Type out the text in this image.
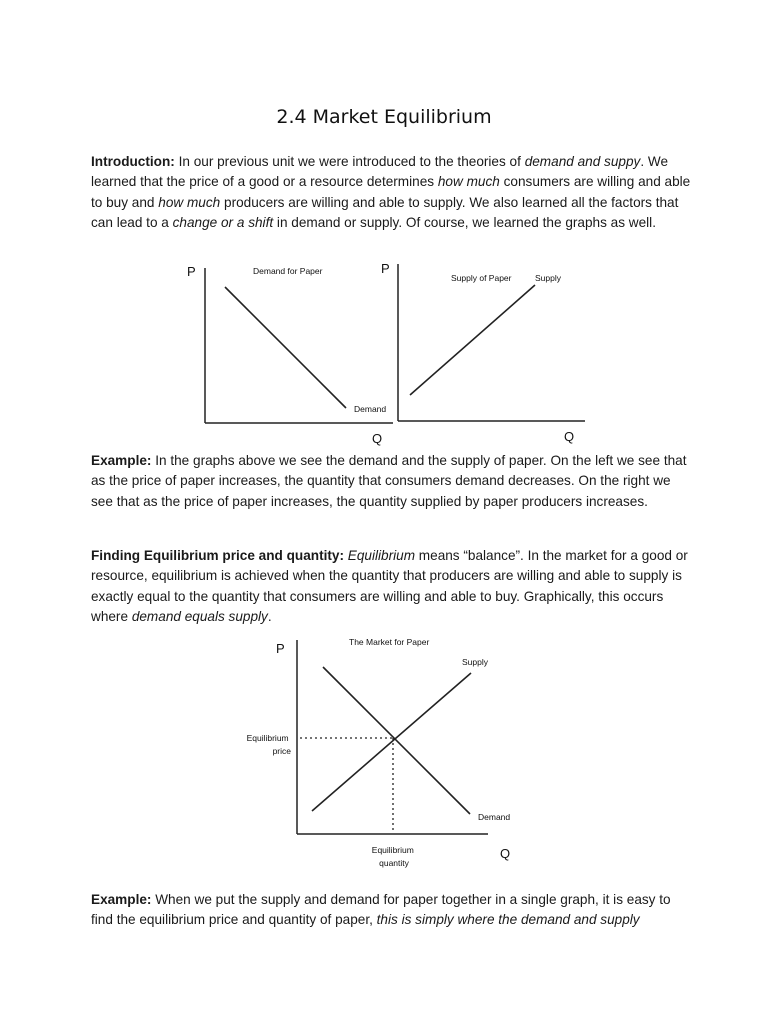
2.4 Market Equilibrium

Introduction: In our previous unit we were introduced to the theories of demand and suppy. We learned that the price of a good or a resource determines how much consumers are willing and able to buy and how much producers are willing and able to supply. We also learned all the factors that can lead to a change or a shift in demand or supply. Of course, we learned the graphs as well.

P	Demand for Paper
Demand
Q
P
Supply of Paper	Supply
Q

Example: In the graphs above we see the demand and the supply of paper. On the left we see that as the price of paper increases, the quantity that consumers demand decreases. On the right we see that as the price of paper increases, the quantity supplied by paper producers increases.

Finding Equilibrium price and quantity: Equilibrium means “balance”. In the market for a good or resource, equilibrium is achieved when the quantity that producers are willing and able to supply is exactly equal to the quantity that consumers are willing and able to buy. Graphically, this occurs where demand equals supply.

P	The Market for Paper
Supply
Demand
Equilibrium price
Equilibrium quantity
Q

Example: When we put the supply and demand for paper together in a single graph, it is easy to find the equilibrium price and quantity of paper, this is simply where the demand and supply
